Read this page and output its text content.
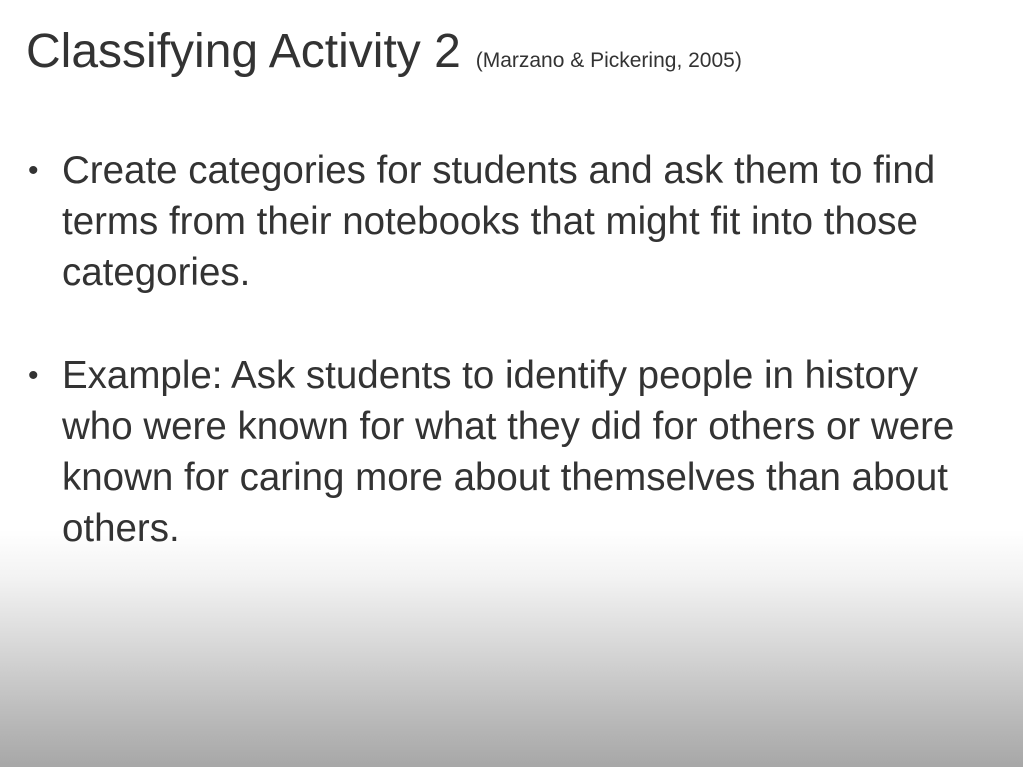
Classifying Activity 2 (Marzano & Pickering, 2005)
• Create categories for students and ask them to find terms from their notebooks that might fit into those categories.
• Example: Ask students to identify people in history who were known for what they did for others or were known for caring more about themselves than about others.
